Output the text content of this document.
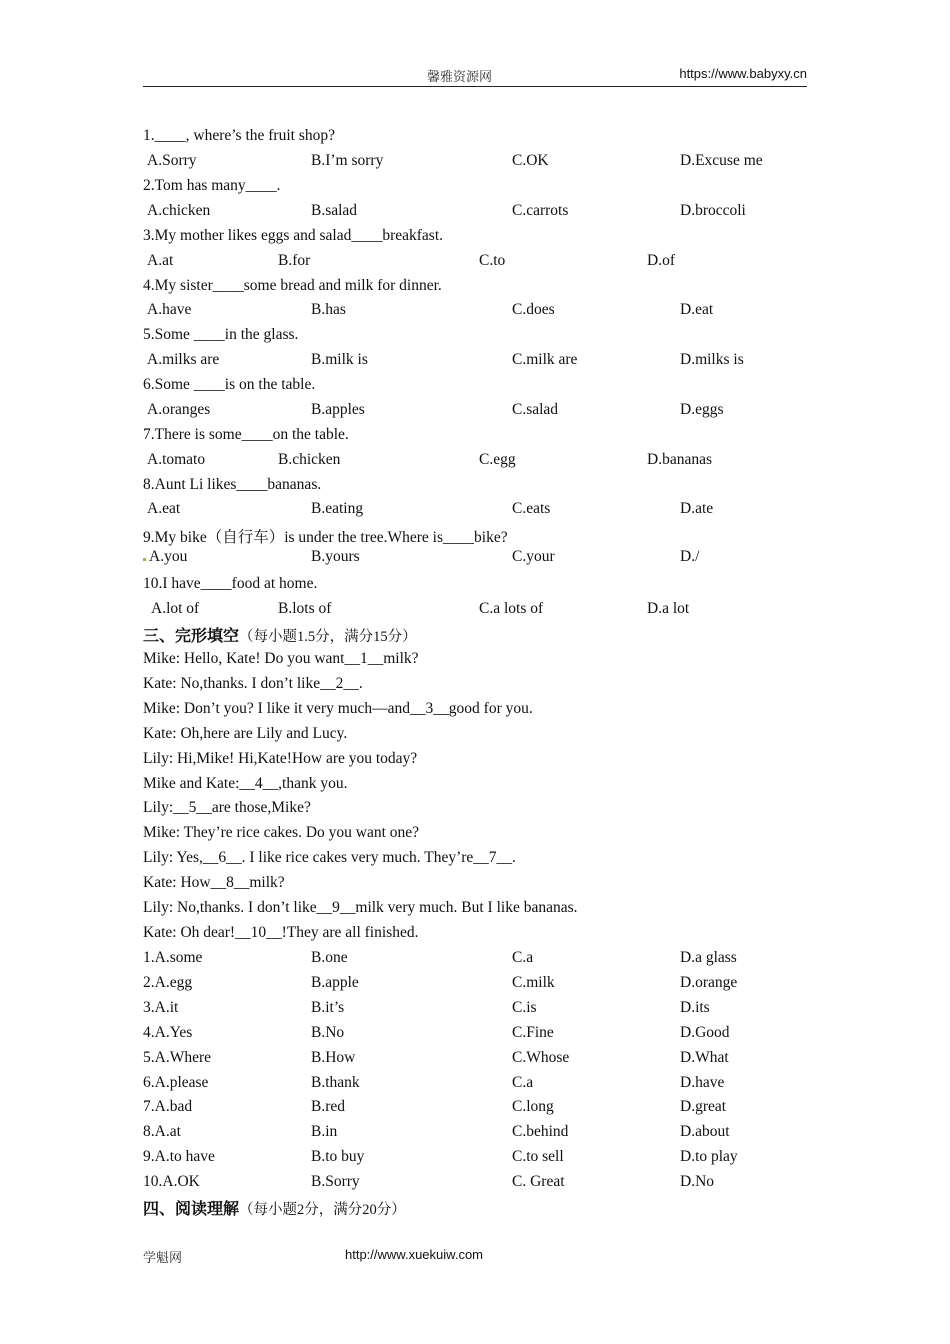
馨雅资源网	https://www.babyxy.cn
1.____, where’s the fruit shop?
A.Sorry	B.I’m sorry	C.OK	D.Excuse me
2.Tom has many____.
A.chicken	B.salad	C.carrots	D.broccoli
3.My mother likes eggs and salad____breakfast.
A.at	B.for	C.to	D.of
4.My sister____some bread and milk for dinner.
A.have	B.has	C.does	D.eat
5.Some ____in the glass.
A.milks are	B.milk is	C.milk are	D.milks is
6.Some ____is on the table.
A.oranges	B.apples	C.salad	D.eggs
7.There is some____on the table.
A.tomato	B.chicken	C.egg	D.bananas
8.Aunt Li likes____bananas.
A.eat	B.eating	C.eats	D.ate
9.My bike（自行车）is under the tree.Where is____bike?
A.you	B.yours	C.your	D./
10.I have____food at home.
A.lot of	B.lots of	C.a lots of	D.a lot
三、完形填空（每小题1.5分，满分15分）
Mike: Hello, Kate! Do you want__1__milk?
Kate: No,thanks. I don’t like__2__.
Mike: Don’t you? I like it very much—and__3__good for you.
Kate: Oh,here are Lily and Lucy.
Lily: Hi,Mike! Hi,Kate!How are you today?
Mike and Kate:__4__,thank you.
Lily:__5__are those,Mike?
Mike: They’re rice cakes. Do you want one?
Lily: Yes,__6__. I like rice cakes very much. They’re__7__.
Kate: How__8__milk?
Lily: No,thanks. I don’t like__9__milk very much. But I like bananas.
Kate: Oh dear!__10__!They are all finished.
1.A.some	B.one	C.a	D.a glass
2.A.egg	B.apple	C.milk	D.orange
3.A.it	B.it’s	C.is	D.its
4.A.Yes	B.No	C.Fine	D.Good
5.A.Where	B.How	C.Whose	D.What
6.A.please	B.thank	C.a	D.have
7.A.bad	B.red	C.long	D.great
8.A.at	B.in	C.behind	D.about
9.A.to have	B.to buy	C.to sell	D.to play
10.A.OK	B.Sorry	C. Great	D.No
四、阅读理解（每小题2分，满分20分）
学魁网	http://www.xuekuiw.com
